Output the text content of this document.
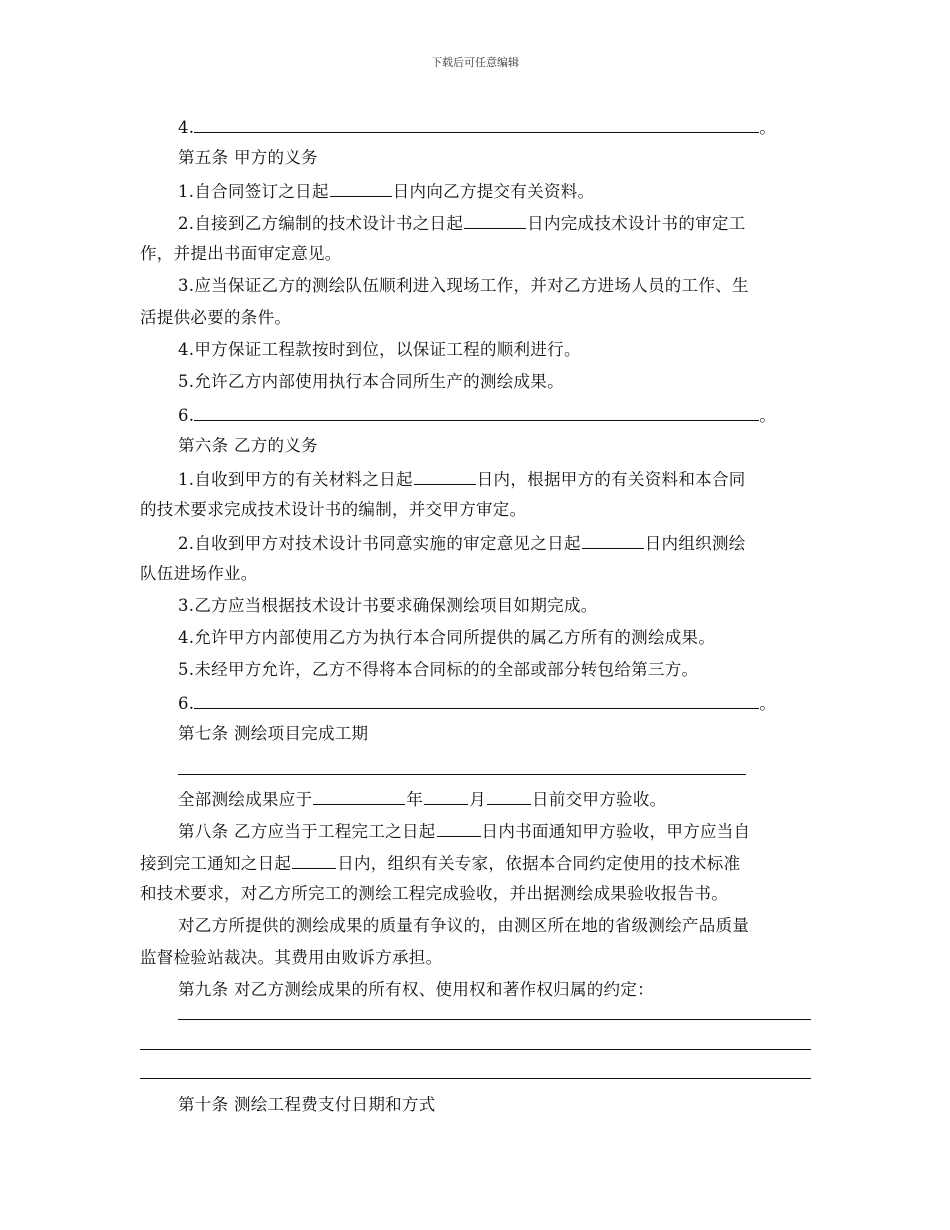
下载后可任意编辑
4.	。
第五条 甲方的义务
1.自合同签订之日起	日内向乙方提交有关资料。
2.自接到乙方编制的技术设计书之日起	日内完成技术设计书的审定工
作，并提出书面审定意见。
3.应当保证乙方的测绘队伍顺利进入现场工作，并对乙方进场人员的工作、生
活提供必要的条件。
4.甲方保证工程款按时到位，以保证工程的顺利进行。
5.允许乙方内部使用执行本合同所生产的测绘成果。
6.	。
第六条 乙方的义务
1.自收到甲方的有关材料之日起	日内，根据甲方的有关资料和本合同
的技术要求完成技术设计书的编制，并交甲方审定。
2.自收到甲方对技术设计书同意实施的审定意见之日起	日内组织测绘
队伍进场作业。
3.乙方应当根据技术设计书要求确保测绘项目如期完成。
4.允许甲方内部使用乙方为执行本合同所提供的属乙方所有的测绘成果。
5.未经甲方允许，乙方不得将本合同标的的全部或部分转包给第三方。
6.	。
第七条 测绘项目完成工期
全部测绘成果应于	年	月	日前交甲方验收。
第八条 乙方应当于工程完工之日起	日内书面通知甲方验收，甲方应当自
接到完工通知之日起	日内，组织有关专家，依据本合同约定使用的技术标准
和技术要求，对乙方所完工的测绘工程完成验收，并出据测绘成果验收报告书。
对乙方所提供的测绘成果的质量有争议的，由测区所在地的省级测绘产品质量
监督检验站裁决。其费用由败诉方承担。
第九条 对乙方测绘成果的所有权、使用权和著作权归属的约定：
第十条 测绘工程费支付日期和方式
